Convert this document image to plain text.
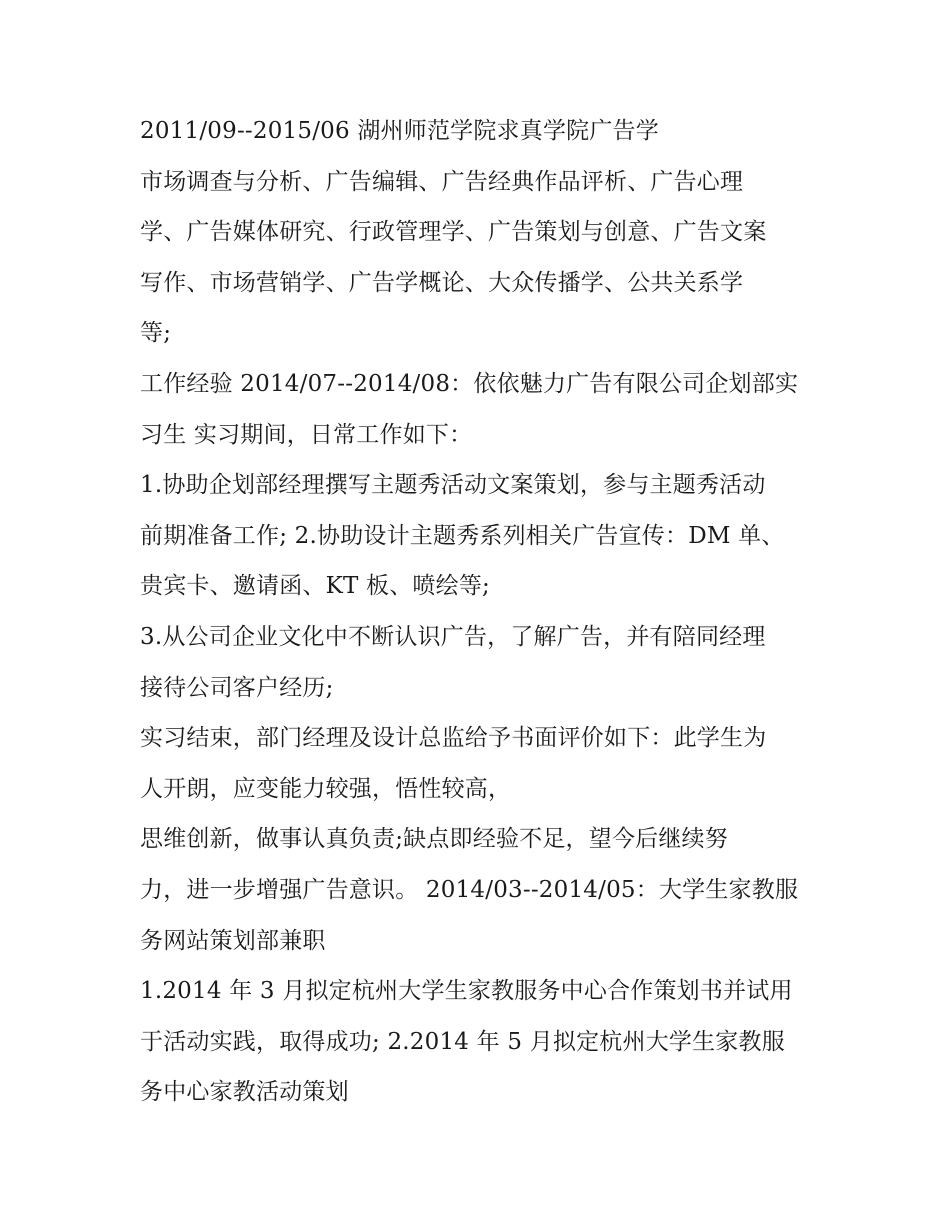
2011/09--2015/06 湖州师范学院求真学院广告学
市场调查与分析、广告编辑、广告经典作品评析、广告心理
学、广告媒体研究、行政管理学、广告策划与创意、广告文案
写作、市场营销学、广告学概论、大众传播学、公共关系学
等;
工作经验 2014/07--2014/08：依依魅力广告有限公司企划部实
习生 实习期间，日常工作如下：
1.协助企划部经理撰写主题秀活动文案策划，参与主题秀活动
前期准备工作; 2.协助设计主题秀系列相关广告宣传：DM 单、
贵宾卡、邀请函、KT 板、喷绘等;
3.从公司企业文化中不断认识广告，了解广告，并有陪同经理
接待公司客户经历;
实习结束，部门经理及设计总监给予书面评价如下：此学生为
人开朗，应变能力较强，悟性较高，
思维创新，做事认真负责;缺点即经验不足，望今后继续努
力，进一步增强广告意识。 2014/03--2014/05：大学生家教服
务网站策划部兼职
1.2014 年 3 月拟定杭州大学生家教服务中心合作策划书并试用
于活动实践，取得成功; 2.2014 年 5 月拟定杭州大学生家教服
务中心家教活动策划
